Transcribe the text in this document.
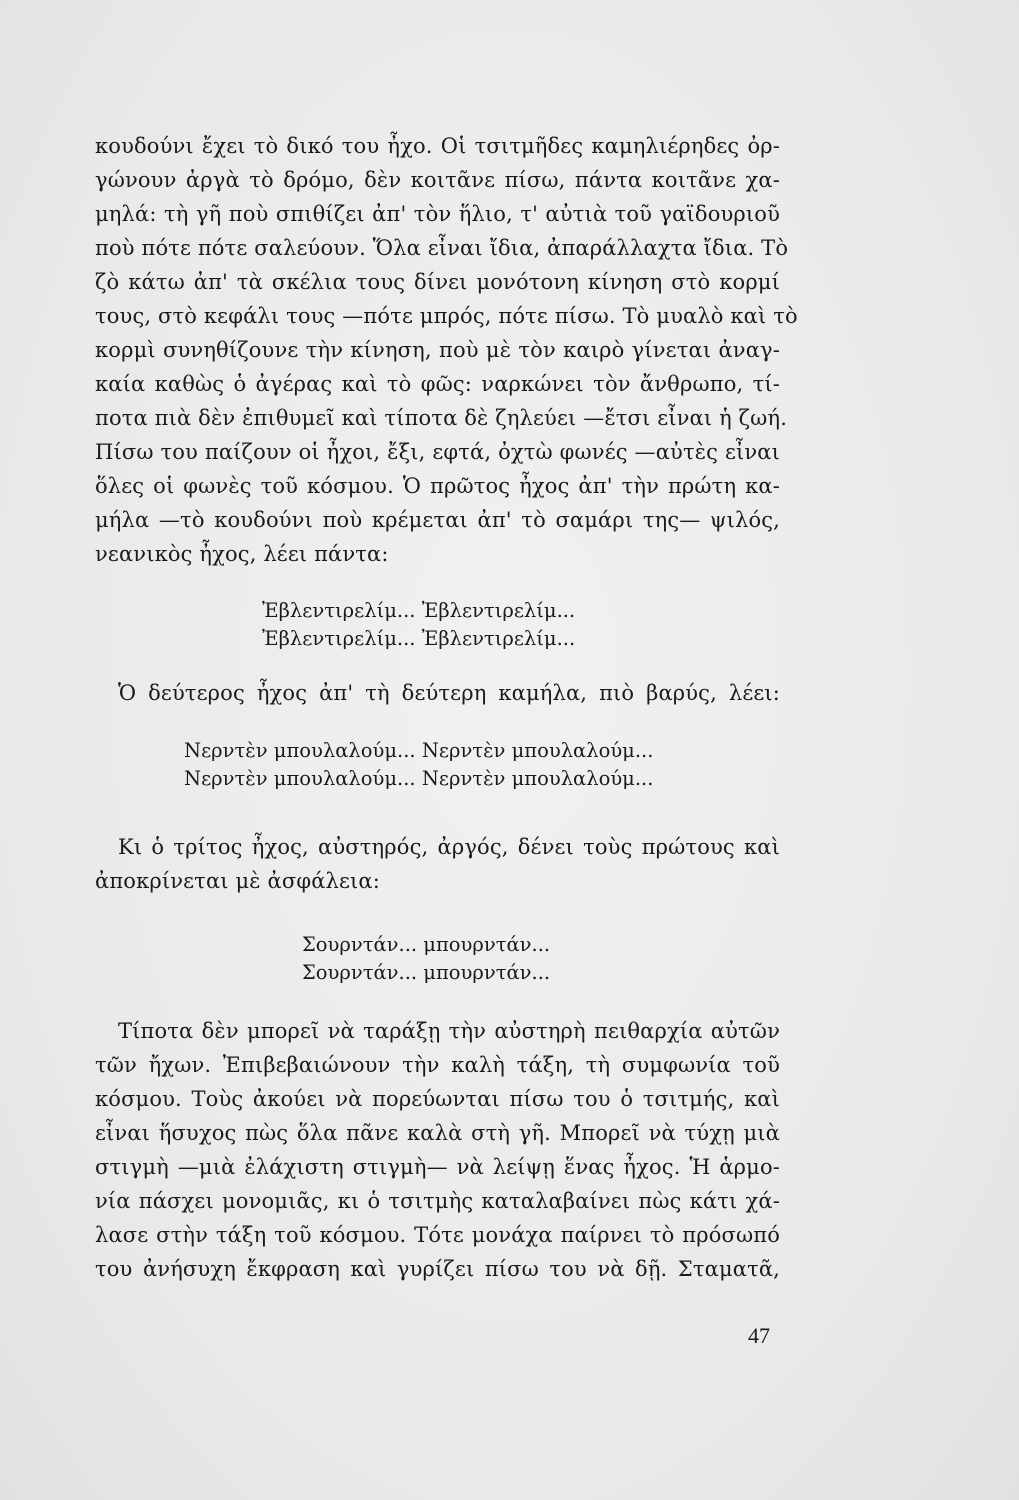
κουδούνι ἔχει τὸ δικό του ἦχο. Οἱ τσιτμῆδες καμηλιέρηδες ὀρ-
γώνουν ἀργὰ τὸ δρόμο, δὲν κοιτᾶνε πίσω, πάντα κοιτᾶνε χα-
μηλά: τὴ γῆ ποὺ σπιθίζει ἀπ' τὸν ἥλιο, τ' αὐτιὰ τοῦ γαϊδουριοῦ
ποὺ πότε πότε σαλεύουν. Ὅλα εἶναι ἴδια, ἀπαράλλαχτα ἴδια. Τὸ
ζὸ κάτω ἀπ' τὰ σκέλια τους δίνει μονότονη κίνηση στὸ κορμί
τους, στὸ κεφάλι τους —πότε μπρός, πότε πίσω. Τὸ μυαλὸ καὶ τὸ
κορμὶ συνηθίζουνε τὴν κίνηση, ποὺ μὲ τὸν καιρὸ γίνεται ἀναγ-
καία καθὼς ὁ ἀγέρας καὶ τὸ φῶς: ναρκώνει τὸν ἄνθρωπο, τί-
ποτα πιὰ δὲν ἐπιθυμεῖ καὶ τίποτα δὲ ζηλεύει —ἔτσι εἶναι ἡ ζωή.
Πίσω του παίζουν οἱ ἦχοι, ἔξι, εφτά, ὀχτὼ φωνές —αὐτὲς εἶναι
ὅλες οἱ φωνὲς τοῦ κόσμου. Ὁ πρῶτος ἦχος ἀπ' τὴν πρώτη κα-
μήλα —τὸ κουδούνι ποὺ κρέμεται ἀπ' τὸ σαμάρι της— ψιλός,
νεανικὸς ἦχος, λέει πάντα:
Ἐβλεντιρελίμ... Ἐβλεντιρελίμ...
Ἐβλεντιρελίμ... Ἐβλεντιρελίμ...
Ὁ δεύτερος ἦχος ἀπ' τὴ δεύτερη καμήλα, πιὸ βαρύς, λέει:
Νερντὲν μπουλαλούμ... Νερντὲν μπουλαλούμ...
Νερντὲν μπουλαλούμ... Νερντὲν μπουλαλούμ...
Κι ὁ τρίτος ἦχος, αὐστηρός, ἀργός, δένει τοὺς πρώτους καὶ
ἀποκρίνεται μὲ ἀσφάλεια:
Σουρντάν... μπουρντάν...
Σουρντάν... μπουρντάν...
Τίποτα δὲν μπορεῖ νὰ ταράξῃ τὴν αὐστηρὴ πειθαρχία αὐτῶν
τῶν ἤχων. Ἐπιβεβαιώνουν τὴν καλὴ τάξη, τὴ συμφωνία τοῦ
κόσμου. Τοὺς ἀκούει νὰ πορεύωνται πίσω του ὁ τσιτμής, καὶ
εἶναι ἥσυχος πὼς ὅλα πᾶνε καλὰ στὴ γῆ. Μπορεῖ νὰ τύχῃ μιὰ
στιγμὴ —μιὰ ἐλάχιστη στιγμὴ— νὰ λείψῃ ἕνας ἦχος. Ἡ ἁρμο-
νία πάσχει μονομιᾶς, κι ὁ τσιτμὴς καταλαβαίνει πὼς κάτι χά-
λασε στὴν τάξη τοῦ κόσμου. Τότε μονάχα παίρνει τὸ πρόσωπό
του ἀνήσυχη ἔκφραση καὶ γυρίζει πίσω του νὰ δῇ. Σταματᾶ,
47
